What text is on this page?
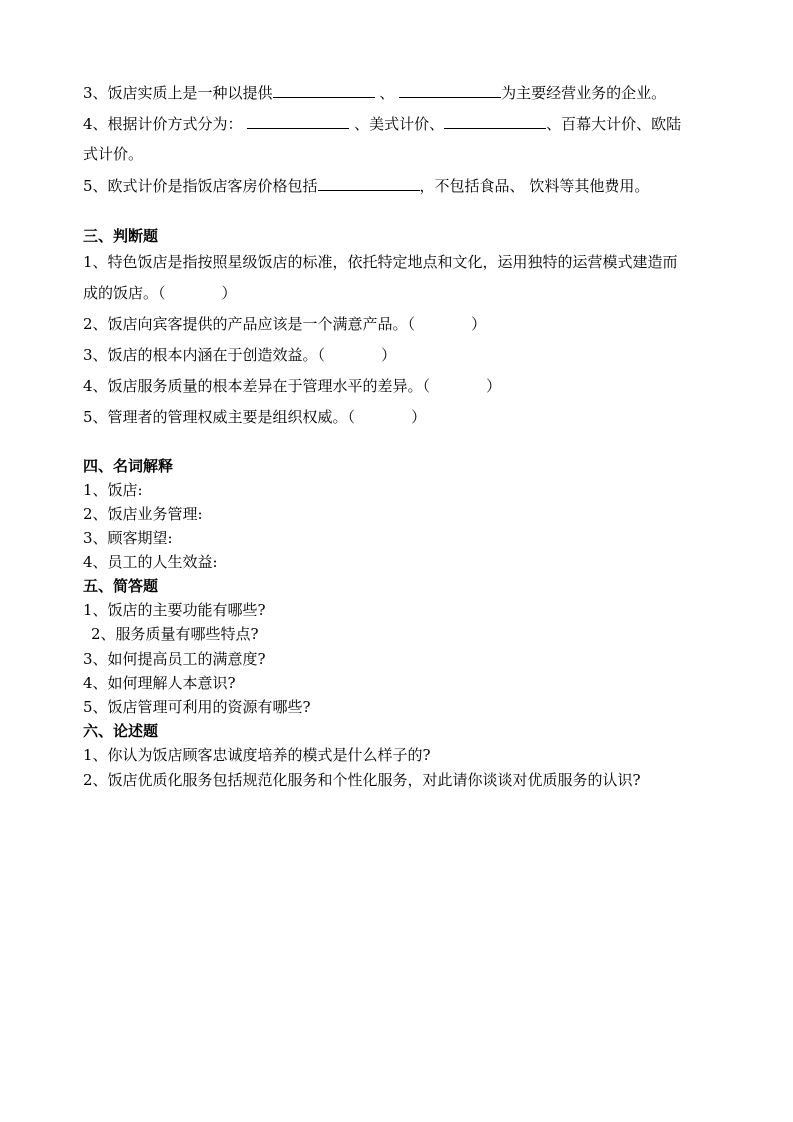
3、饭店实质上是一种以提供	、	为主要经营业务的企业。
4、根据计价方式分为：	、美式计价、	、百幕大计价、欧陆
式计价。
5、欧式计价是指饭店客房价格包括	，不包括食品、 饮料等其他费用。
三、判断题
1、特色饭店是指按照星级饭店的标准，依托特定地点和文化，运用独特的运营模式建造而
成的饭店。（	）
2、饭店向宾客提供的产品应该是一个满意产品。（	）
3、饭店的根本内涵在于创造效益。（	）
4、饭店服务质量的根本差异在于管理水平的差异。（	）
5、管理者的管理权威主要是组织权威。（	）
四、名词解释
1、饭店:
2、饭店业务管理:
3、顾客期望:
4、员工的人生效益:
五、简答题
1、饭店的主要功能有哪些?
2、服务质量有哪些特点?
3、如何提高员工的满意度?
4、如何理解人本意识?
5、饭店管理可利用的资源有哪些?
六、论述题
1、你认为饭店顾客忠诚度培养的模式是什么样子的?
2、饭店优质化服务包括规范化服务和个性化服务，对此请你谈谈对优质服务的认识?
